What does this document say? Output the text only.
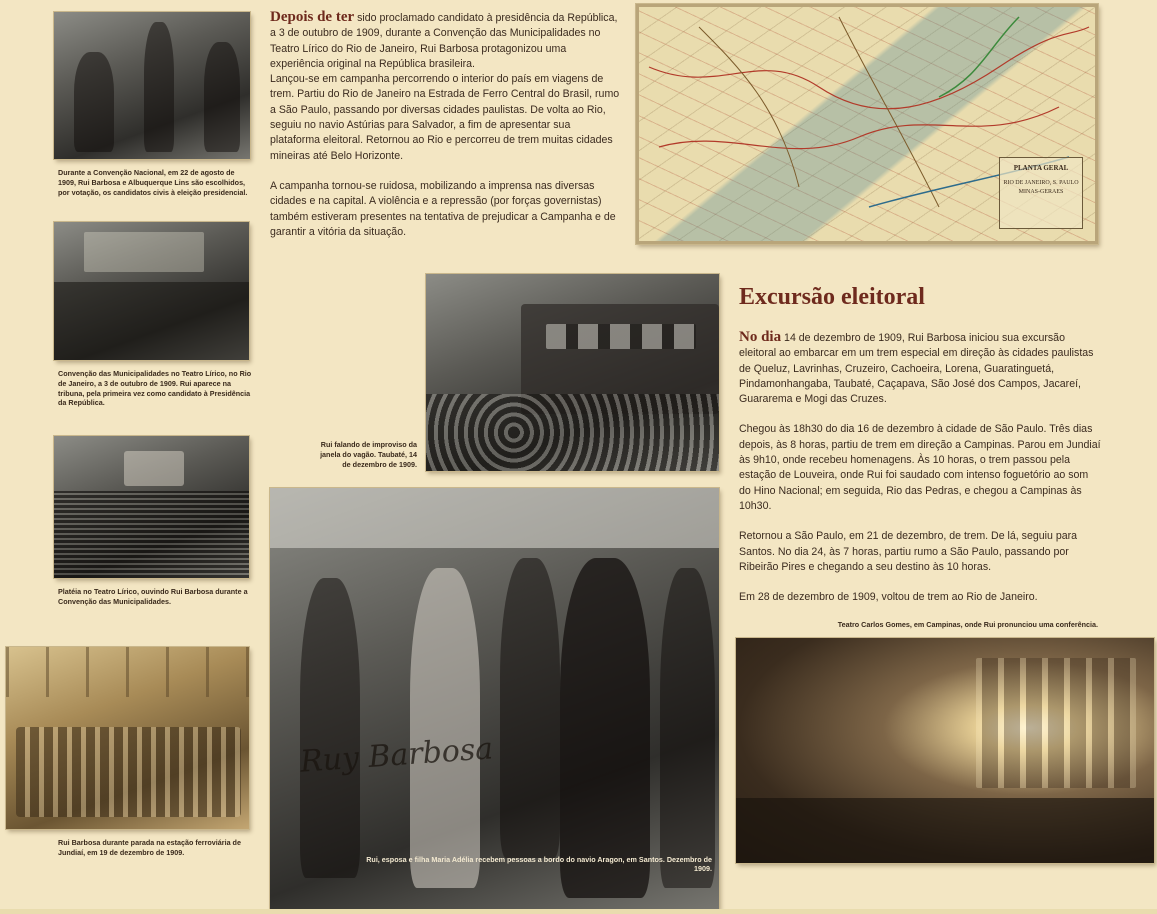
Durante a Convenção Nacional, em 22 de agosto de 1909, Rui Barbosa e Albuquerque Lins são escolhidos, por votação, os candidatos civis à eleição presidencial.
Convenção das Municipalidades no Teatro Lírico, no Rio de Janeiro, a 3 de outubro de 1909. Rui aparece na tribuna, pela primeira vez como candidato à Presidência da República.
Platéia no Teatro Lírico, ouvindo Rui Barbosa durante a Convenção das Municipalidades.
Rui Barbosa durante parada na estação ferroviária de Jundiaí, em 19 de dezembro de 1909.

Depois de ter sido proclamado candidato à presidência da República, a 3 de outubro de 1909, durante a Convenção das Municipalidades no Teatro Lírico do Rio de Janeiro, Rui Barbosa protagonizou uma experiência original na República brasileira.

Lançou-se em campanha percorrendo o interior do país em viagens de trem. Partiu do Rio de Janeiro na Estrada de Ferro Central do Brasil, rumo a São Paulo, passando por diversas cidades paulistas. De volta ao Rio, seguiu no navio Astúrias para Salvador, a fim de apresentar sua plataforma eleitoral. Retornou ao Rio e percorreu de trem muitas cidades mineiras até Belo Horizonte.

A campanha tornou-se ruidosa, mobilizando a imprensa nas diversas cidades e na capital. A violência e a repressão (por forças governistas) também estiveram presentes na tentativa de prejudicar a Campanha e de garantir a vitória da situação.

PLANTA GERAL
RIO DE JANEIRO, S. PAULO
MINAS-GERAES
Rui falando de improviso da janela do vagão. Taubaté, 14 de dezembro de 1909.
Ruy Barbosa
Rui, esposa e filha Maria Adélia recebem pessoas a bordo do navio Aragon, em Santos. Dezembro de 1909.
Excursão eleitoral

No dia 14 de dezembro de 1909, Rui Barbosa iniciou sua excursão eleitoral ao embarcar em um trem especial em direção às cidades paulistas de Queluz, Lavrinhas, Cruzeiro, Cachoeira, Lorena, Guaratinguetá, Pindamonhangaba, Taubaté, Caçapava, São José dos Campos, Jacareí, Guararema e Mogi das Cruzes.

Chegou às 18h30 do dia 16 de dezembro à cidade de São Paulo. Três dias depois, às 8 horas, partiu de trem em direção a Campinas. Parou em Jundiaí às 9h10, onde recebeu homenagens. Às 10 horas, o trem passou pela estação de Louveira, onde Rui foi saudado com intenso foguetório ao som do Hino Nacional; em seguida, Rio das Pedras, e chegou a Campinas às 10h30.

Retornou a São Paulo, em 21 de dezembro, de trem. De lá, seguiu para Santos. No dia 24, às 7 horas, partiu rumo a São Paulo, passando por Ribeirão Pires e chegando a seu destino às 10 horas.

Em 28 de dezembro de 1909, voltou de trem ao Rio de Janeiro.

Teatro Carlos Gomes, em Campinas, onde Rui pronunciou uma conferência.
